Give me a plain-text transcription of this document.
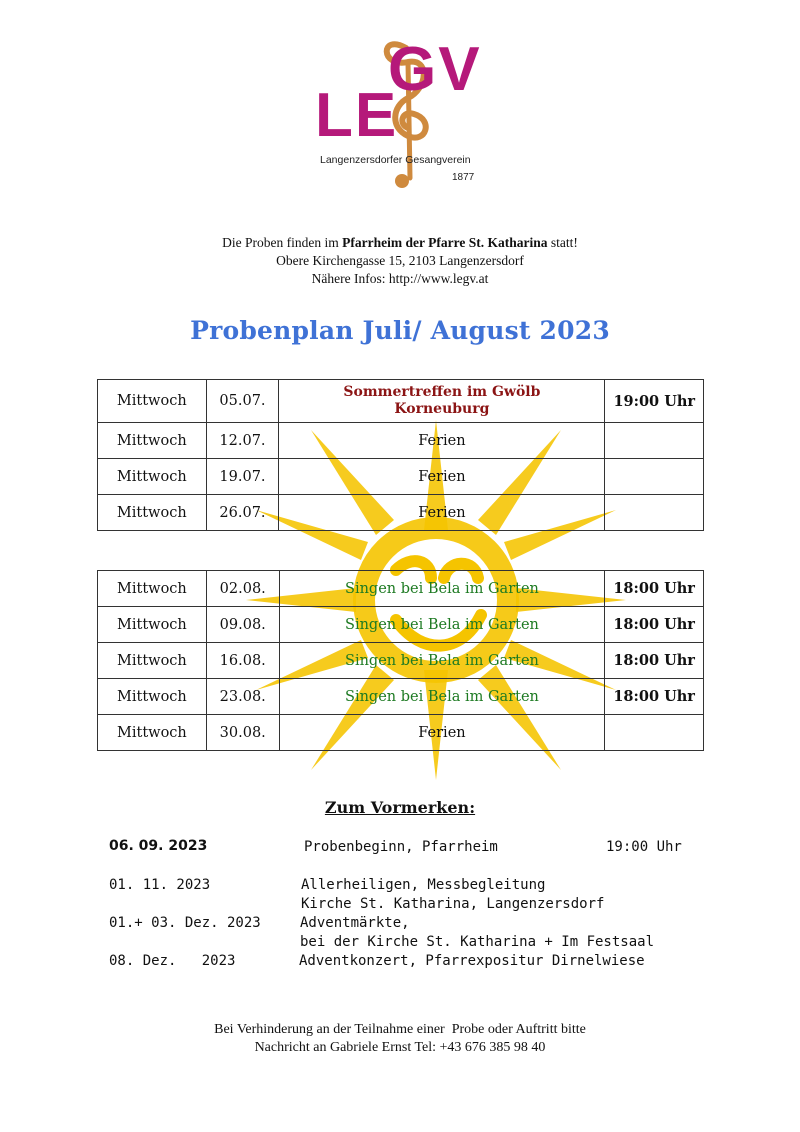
LE
GV
Langenzersdorfer Gesangverein
1877
Die Proben finden im Pfarrheim der Pfarre St. Katharina statt!
Obere Kirchengasse 15, 2103 Langenzersdorf
Nähere Infos: http://www.legv.at
Probenplan Juli/ August 2023
Mittwoch	05.07.	Sommertreffen im Gwölb Korneuburg	19:00 Uhr
Mittwoch	12.07.	Ferien	
Mittwoch	19.07.	Ferien	
Mittwoch	26.07.	Ferien	
Mittwoch	02.08.	Singen bei Bela im Garten	18:00 Uhr
Mittwoch	09.08.	Singen bei Bela im Garten	18:00 Uhr
Mittwoch	16.08.	Singen bei Bela im Garten	18:00 Uhr
Mittwoch	23.08.	Singen bei Bela im Garten	18:00 Uhr
Mittwoch	30.08.	Ferien	
Zum Vormerken:
06. 09. 2023	Probenbeginn, Pfarrheim	19:00 Uhr
01. 11. 2023	Allerheiligen, Messbegleitung
Kirche St. Katharina, Langenzersdorf
01.+ 03. Dez. 2023	Adventmärkte,
bei der Kirche St. Katharina + Im Festsaal
08. Dez.   2023	Adventkonzert, Pfarrexpositur Dirnelwiese
Bei Verhinderung an der Teilnahme einer  Probe oder Auftritt bitte
Nachricht an Gabriele Ernst Tel: +43 676 385 98 40
